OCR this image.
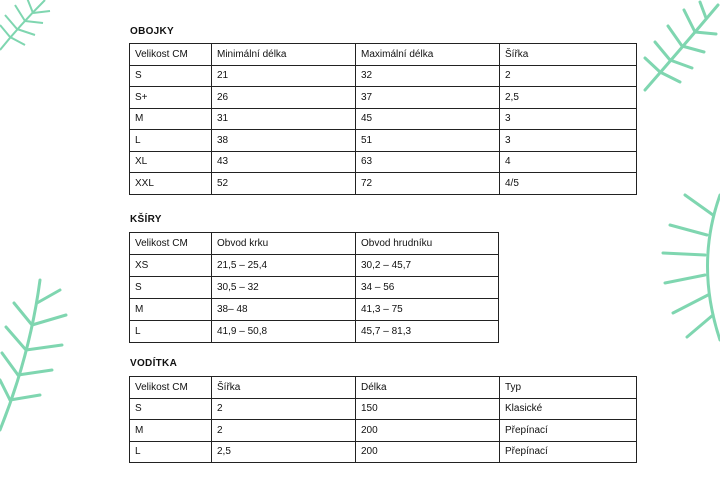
OBOJKY
Velikost CM	Minimální délka	Maximální délka	Šířka
S	21	32	2
S+	26	37	2,5
M	31	45	3
L	38	51	3
XL	43	63	4
XXL	52	72	4/5
KŠÍRY
Velikost CM	Obvod krku	Obvod hrudníku
XS	21,5 – 25,4	30,2 – 45,7
S	30,5 – 32	34 – 56
M	38– 48	41,3 – 75
L	41,9 – 50,8	45,7 – 81,3
VODÍTKA
Velikost CM	Šířka	Délka	Typ
S	2	150	Klasické
M	2	200	Přepínací
L	2,5	200	Přepínací
